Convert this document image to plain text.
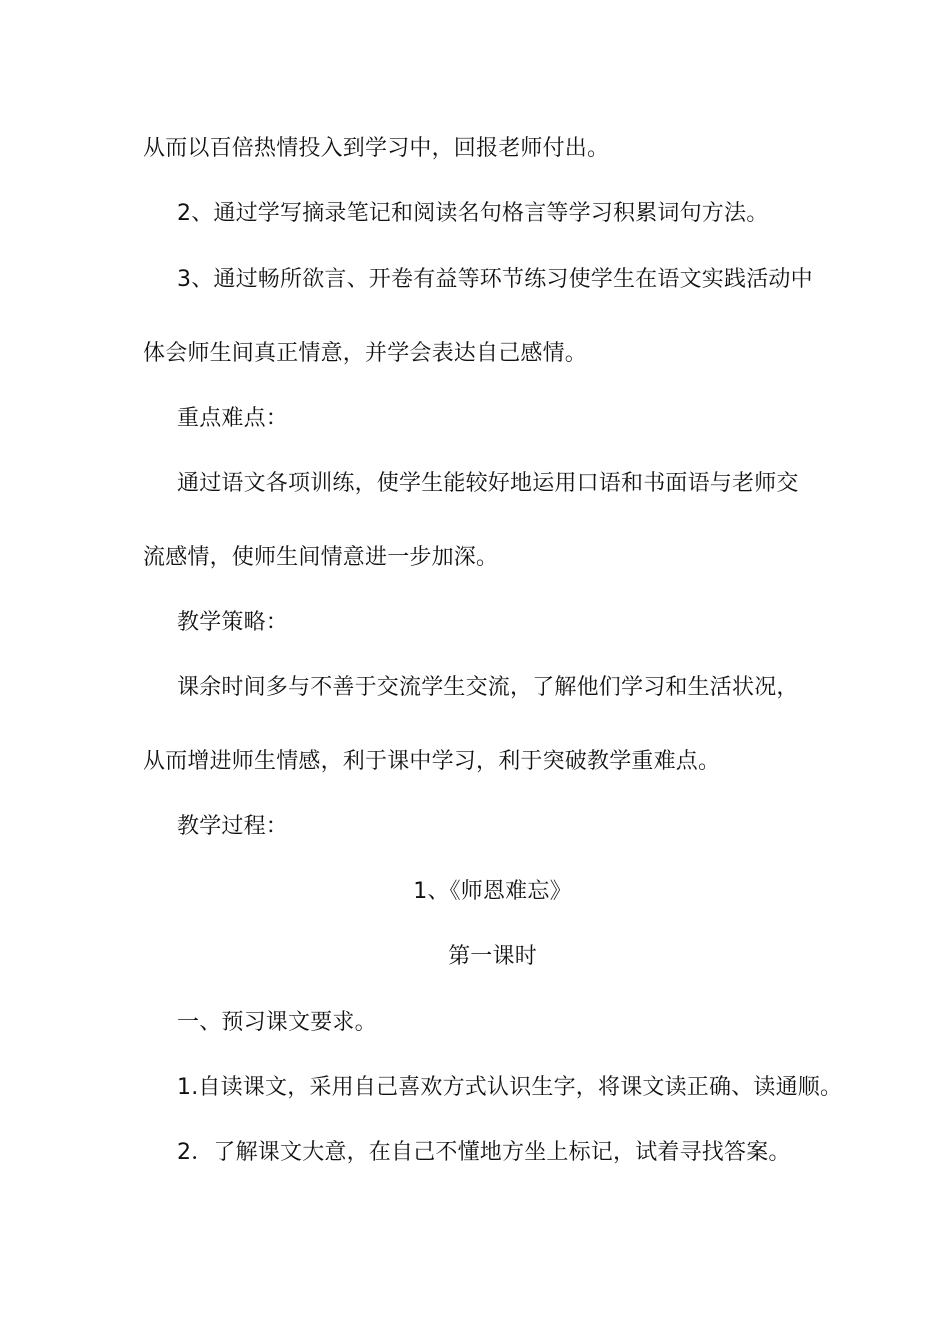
从而以百倍热情投入到学习中，回报老师付出。
2、通过学写摘录笔记和阅读名句格言等学习积累词句方法。
3、通过畅所欲言、开卷有益等环节练习使学生在语文实践活动中
体会师生间真正情意，并学会表达自己感情。
重点难点：
通过语文各项训练，使学生能较好地运用口语和书面语与老师交
流感情，使师生间情意进一步加深。
教学策略：
课余时间多与不善于交流学生交流，了解他们学习和生活状况，
从而增进师生情感，利于课中学习，利于突破教学重难点。
教学过程：
1、《师恩难忘》
第一课时
一、预习课文要求。
1.自读课文，采用自己喜欢方式认识生字，将课文读正确、读通顺。
2．了解课文大意，在自己不懂地方坐上标记，试着寻找答案。
